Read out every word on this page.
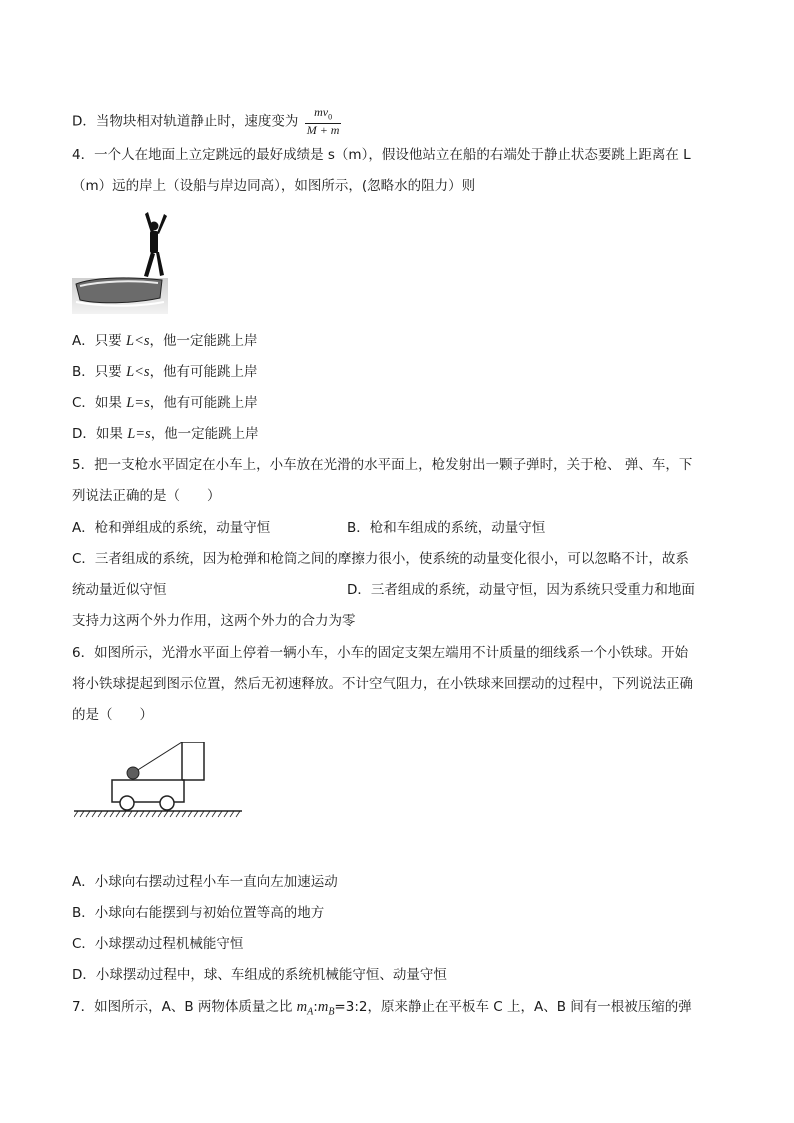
D．当物块相对轨道静止时，速度变为 $\frac{mv_0}{M + m}$
4．一个人在地面上立定跳远的最好成绩是 s（m），假设他站立在船的右端处于静止状态要跳上距离在 L
（m）远的岸上（设船与岸边同高），如图所示，(忽略水的阻力）则
A．只要 L<s，他一定能跳上岸
B．只要 L<s，他有可能跳上岸
C．如果 L=s，他有可能跳上岸
D．如果 L=s，他一定能跳上岸
5．把一支枪水平固定在小车上，小车放在光滑的水平面上，枪发射出一颗子弹时，关于枪、 弹、车，下
列说法正确的是（　　）
A．枪和弹组成的系统，动量守恒	B．枪和车组成的系统，动量守恒
C．三者组成的系统，因为枪弹和枪筒之间的摩擦力很小，使系统的动量变化很小，可以忽略不计，故系
统动量近似守恒	D．三者组成的系统，动量守恒，因为系统只受重力和地面
支持力这两个外力作用，这两个外力的合力为零
6．如图所示，光滑水平面上停着一辆小车，小车的固定支架左端用不计质量的细线系一个小铁球。开始
将小铁球提起到图示位置，然后无初速释放。不计空气阻力，在小铁球来回摆动的过程中，下列说法正确
的是（　　）
A．小球向右摆动过程小车一直向左加速运动
B．小球向右能摆到与初始位置等高的地方
C．小球摆动过程机械能守恒
D．小球摆动过程中，球、车组成的系统机械能守恒、动量守恒
7．如图所示，A、B 两物体质量之比 $m_A:m_B=3:2$，原来静止在平板车 C 上，A、B 间有一根被压缩的弹
